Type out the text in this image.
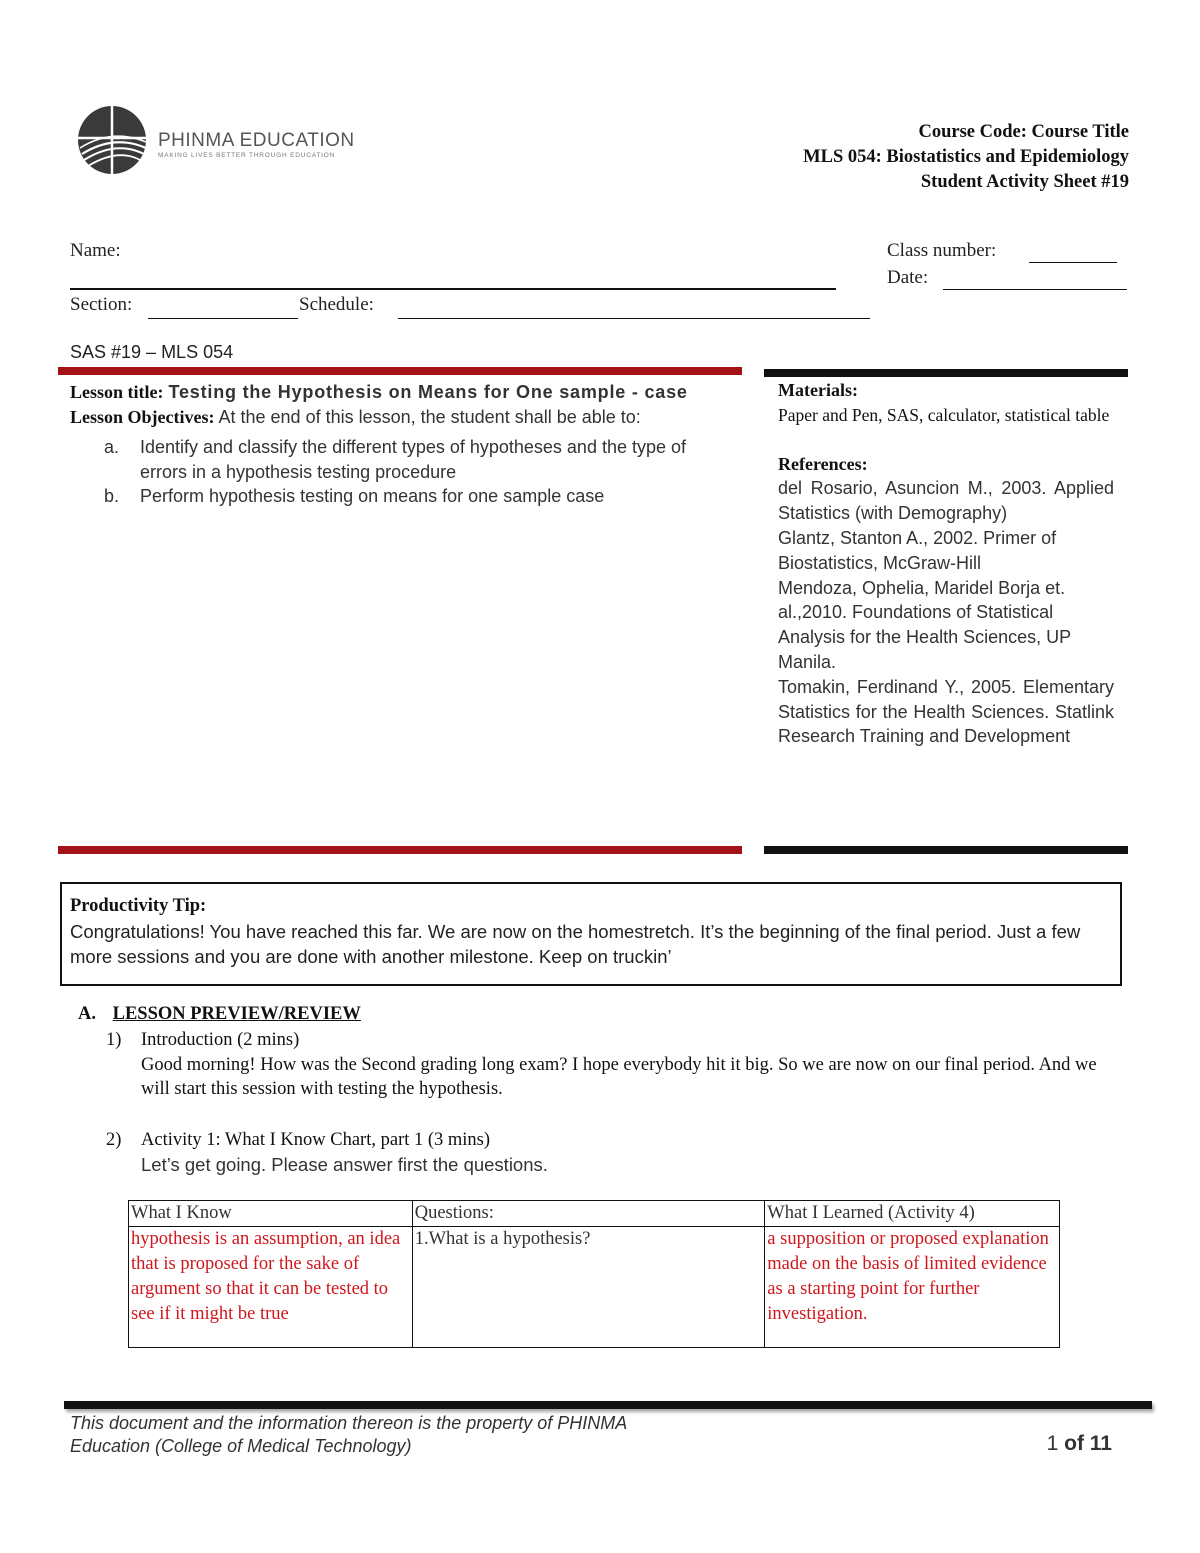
PHINMA EDUCATION
MAKING LIVES BETTER THROUGH EDUCATION
Course Code: Course Title
MLS 054: Biostatistics and Epidemiology
Student Activity Sheet #19
Name:
Section:	Schedule:
Class number:
Date:
SAS #19 – MLS 054
Lesson title: Testing the Hypothesis on Means for One sample - case
Lesson Objectives: At the end of this lesson, the student shall be able to:
a. Identify and classify the different types of hypotheses and the type of errors in a hypothesis testing procedure
b. Perform hypothesis testing on means for one sample case
Materials:
Paper and Pen, SAS, calculator, statistical table
References:
del Rosario, Asuncion M., 2003. Applied Statistics (with Demography)
Glantz, Stanton A., 2002. Primer of Biostatistics, McGraw-Hill
Mendoza, Ophelia, Maridel Borja et. al.,2010. Foundations of Statistical Analysis for the Health Sciences, UP Manila.
Tomakin, Ferdinand Y., 2005. Elementary Statistics for the Health Sciences. Statlink Research Training and Development
Productivity Tip:
Congratulations! You have reached this far. We are now on the homestretch. It’s the beginning of the final period. Just a few more sessions and you are done with another milestone. Keep on truckin’
A. LESSON PREVIEW/REVIEW
1) Introduction (2 mins)
Good morning! How was the Second grading long exam? I hope everybody hit it big. So we are now on our final period. And we will start this session with testing the hypothesis.
2) Activity 1: What I Know Chart, part 1 (3 mins)
Let’s get going. Please answer first the questions.
What I Know	Questions:	What I Learned (Activity 4)
hypothesis is an assumption, an idea that is proposed for the sake of argument so that it can be tested to see if it might be true	1.What is a hypothesis?	a supposition or proposed explanation made on the basis of limited evidence as a starting point for further investigation.
This document and the information thereon is the property of PHINMA
Education (College of Medical Technology)	1 of 11
